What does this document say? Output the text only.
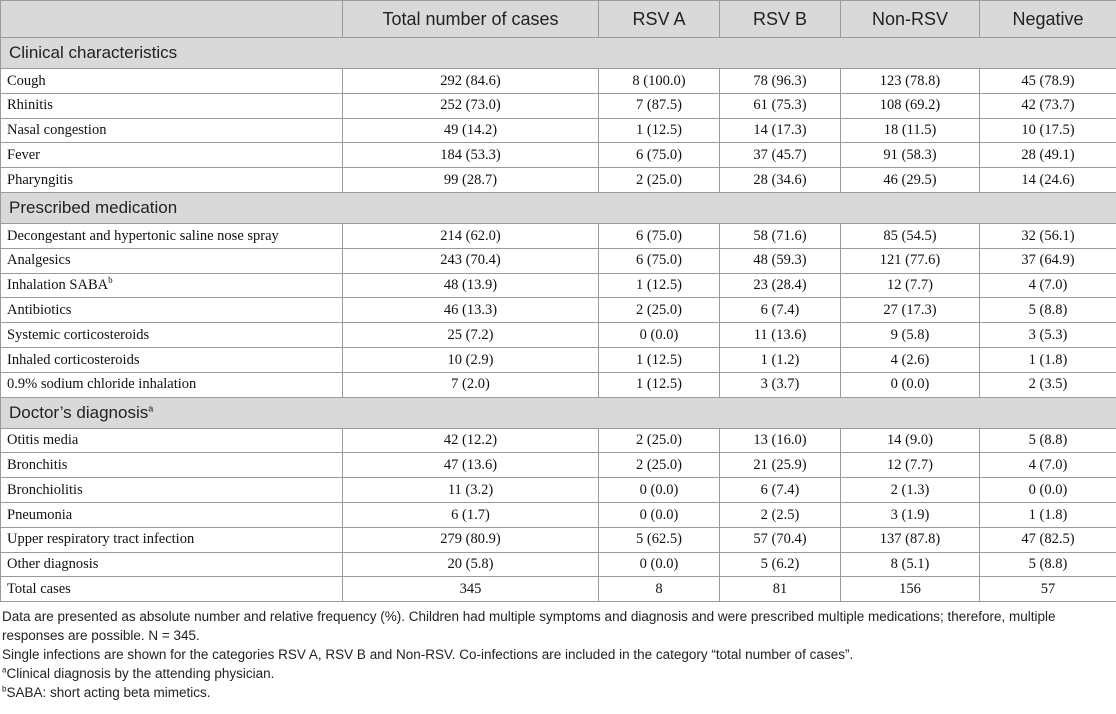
	Total number of cases	RSV A	RSV B	Non-RSV	Negative
Clinical characteristics					
Cough	292 (84.6)	8 (100.0)	78 (96.3)	123 (78.8)	45 (78.9)
Rhinitis	252 (73.0)	7 (87.5)	61 (75.3)	108 (69.2)	42 (73.7)
Nasal congestion	49 (14.2)	1 (12.5)	14 (17.3)	18 (11.5)	10 (17.5)
Fever	184 (53.3)	6 (75.0)	37 (45.7)	91 (58.3)	28 (49.1)
Pharyngitis	99 (28.7)	2 (25.0)	28 (34.6)	46 (29.5)	14 (24.6)
Prescribed medication					
Decongestant and hypertonic saline nose spray	214 (62.0)	6 (75.0)	58 (71.6)	85 (54.5)	32 (56.1)
Analgesics	243 (70.4)	6 (75.0)	48 (59.3)	121 (77.6)	37 (64.9)
Inhalation SABA$^b$	48 (13.9)	1 (12.5)	23 (28.4)	12 (7.7)	4 (7.0)
Antibiotics	46 (13.3)	2 (25.0)	6 (7.4)	27 (17.3)	5 (8.8)
Systemic corticosteroids	25 (7.2)	0 (0.0)	11 (13.6)	9 (5.8)	3 (5.3)
Inhaled corticosteroids	10 (2.9)	1 (12.5)	1 (1.2)	4 (2.6)	1 (1.8)
0.9% sodium chloride inhalation	7 (2.0)	1 (12.5)	3 (3.7)	0 (0.0)	2 (3.5)
Doctor’s diagnosis$^a$
Otitis media	42 (12.2)	2 (25.0)	13 (16.0)	14 (9.0)	5 (8.8)
Bronchitis	47 (13.6)	2 (25.0)	21 (25.9)	12 (7.7)	4 (7.0)
Bronchiolitis	11 (3.2)	0 (0.0)	6 (7.4)	2 (1.3)	0 (0.0)
Pneumonia	6 (1.7)	0 (0.0)	2 (2.5)	3 (1.9)	1 (1.8)
Upper respiratory tract infection	279 (80.9)	5 (62.5)	57 (70.4)	137 (87.8)	47 (82.5)
Other diagnosis	20 (5.8)	0 (0.0)	5 (6.2)	8 (5.1)	5 (8.8)
Total cases	345	8	81	156	57

Data are presented as absolute number and relative frequency (%). Children had multiple symptoms and diagnosis and were prescribed multiple medications; therefore, multiple responses are possible. N = 345.

Single infections are shown for the categories RSV A, RSV B and Non-RSV. Co-infections are included in the category “total number of cases”.

$^a$Clinical diagnosis by the attending physician.

$^b$SABA: short acting beta mimetics.
